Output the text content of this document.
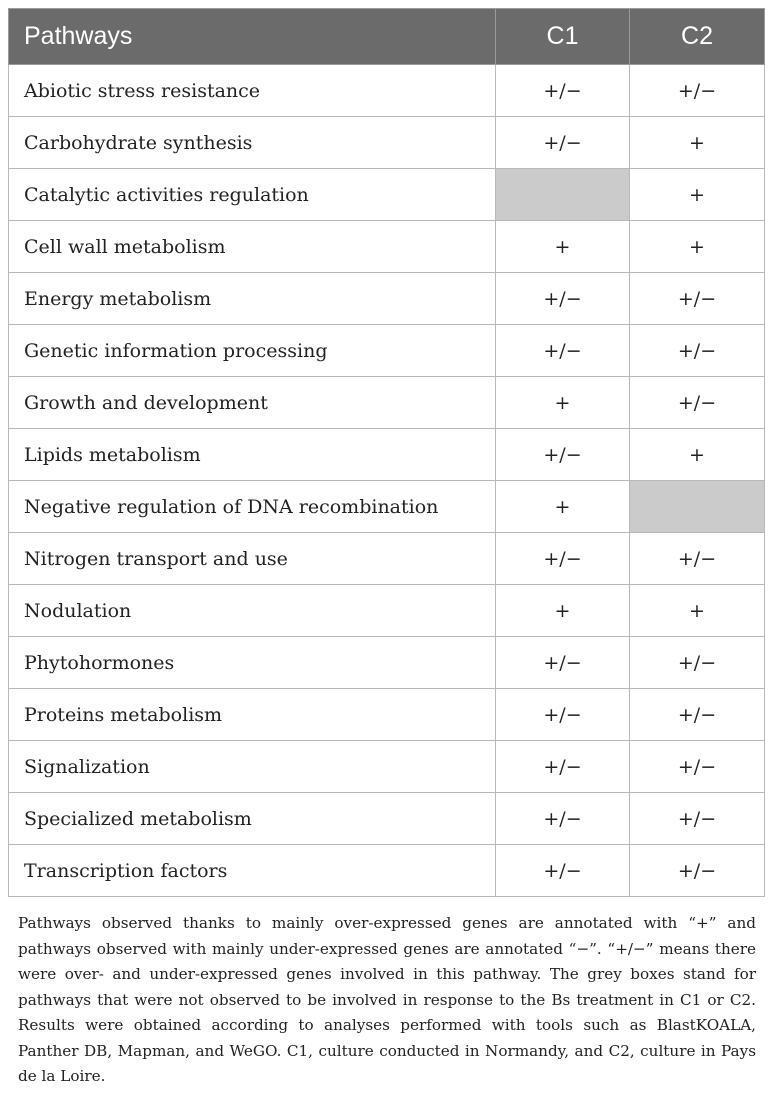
Pathways	C1	C2
Abiotic stress resistance	+/−	+/−
Carbohydrate synthesis	+/−	+
Catalytic activities regulation		+
Cell wall metabolism	+	+
Energy metabolism	+/−	+/−
Genetic information processing	+/−	+/−
Growth and development	+	+/−
Lipids metabolism	+/−	+
Negative regulation of DNA recombination	+	
Nitrogen transport and use	+/−	+/−
Nodulation	+	+
Phytohormones	+/−	+/−
Proteins metabolism	+/−	+/−
Signalization	+/−	+/−
Specialized metabolism	+/−	+/−
Transcription factors	+/−	+/−

Pathways observed thanks to mainly over-expressed genes are annotated with “+” and pathways observed with mainly under-expressed genes are annotated “−”. “+/−” means there were over- and under-expressed genes involved in this pathway. The grey boxes stand for pathways that were not observed to be involved in response to the Bs treatment in C1 or C2. Results were obtained according to analyses performed with tools such as BlastKOALA, Panther DB, Mapman, and WeGO. C1, culture conducted in Normandy, and C2, culture in Pays de la Loire.
